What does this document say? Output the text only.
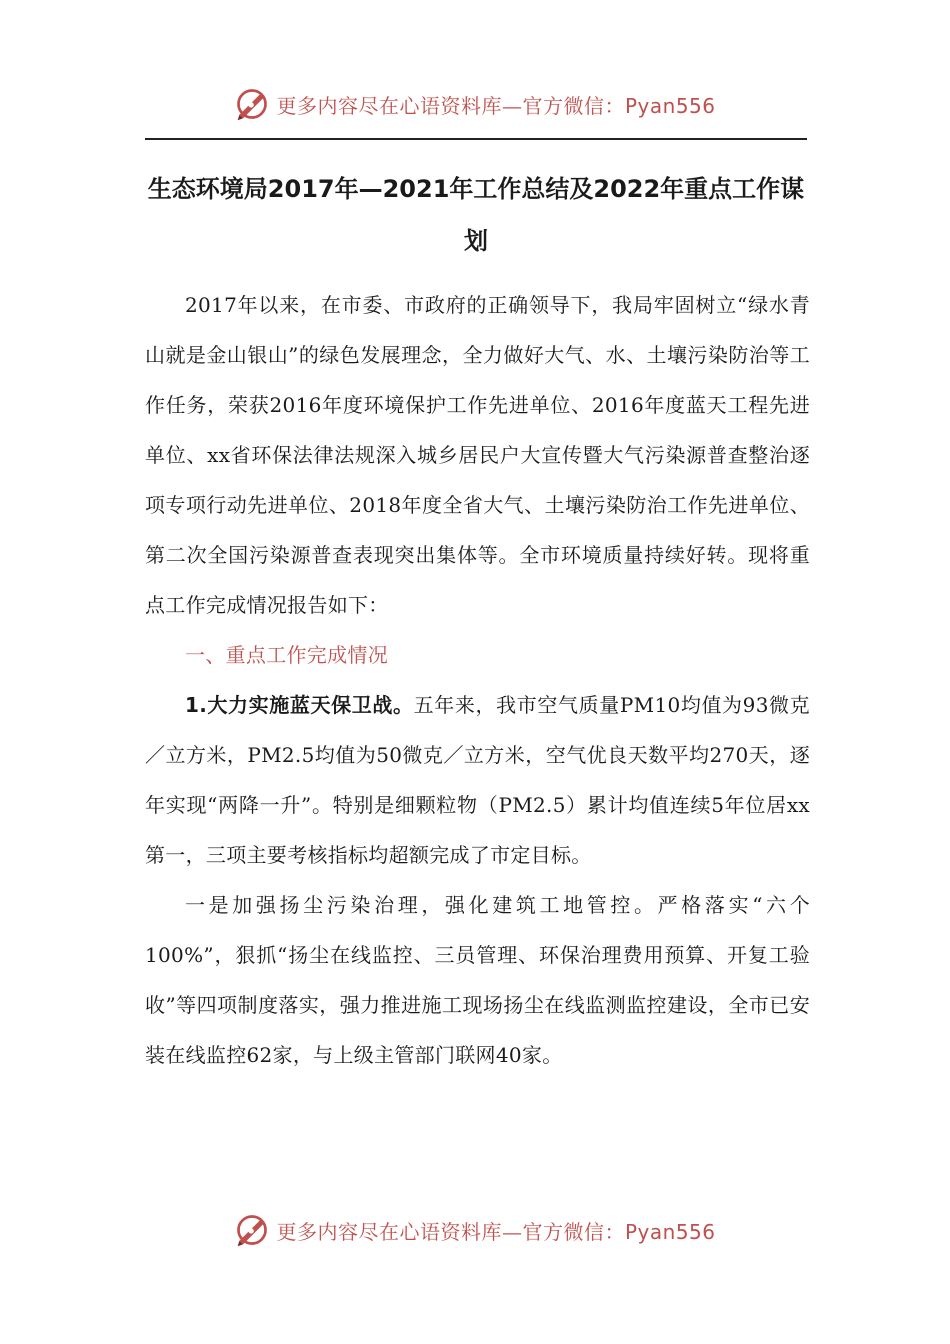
更多内容尽在心语资料库—官方微信：Pyan556
生态环境局2017年—2021年工作总结及2022年重点工作谋划

2017年以来，在市委、市政府的正确领导下，我局牢固树立“绿水青山就是金山银山”的绿色发展理念，全力做好大气、水、土壤污染防治等工作任务，荣获2016年度环境保护工作先进单位、2016年度蓝天工程先进单位、xx省环保法律法规深入城乡居民户大宣传暨大气污染源普查整治逐项专项行动先进单位、2018年度全省大气、土壤污染防治工作先进单位、第二次全国污染源普查表现突出集体等。全市环境质量持续好转。现将重点工作完成情况报告如下：

一、重点工作完成情况

1.大力实施蓝天保卫战。五年来，我市空气质量PM10均值为93微克／立方米，PM2.5均值为50微克／立方米，空气优良天数平均270天，逐年实现“两降一升”。特别是细颗粒物（PM2.5）累计均值连续5年位居xx第一，三项主要考核指标均超额完成了市定目标。

一是加强扬尘污染治理，强化建筑工地管控。严格落实“六个100%”，狠抓“扬尘在线监控、三员管理、环保治理费用预算、开复工验收”等四项制度落实，强力推进施工现场扬尘在线监测监控建设，全市已安装在线监控62家，与上级主管部门联网40家。

更多内容尽在心语资料库—官方微信：Pyan556
